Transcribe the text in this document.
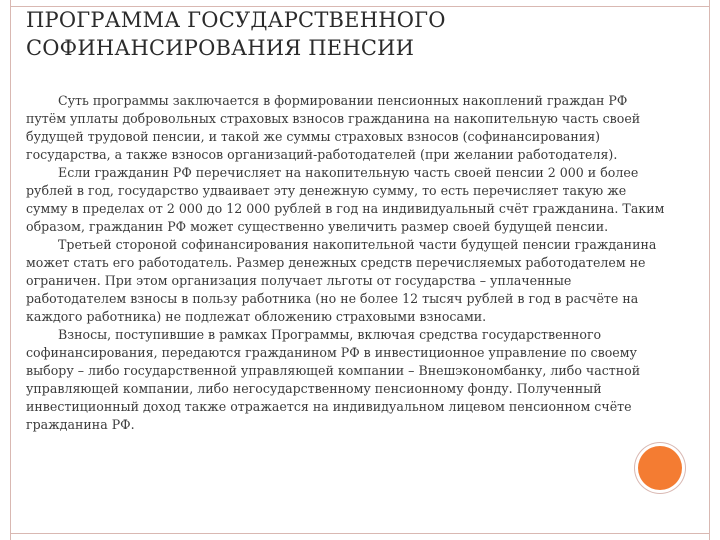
ПРОГРАММА ГОСУДАРСТВЕННОГО
СОФИНАНСИРОВАНИЯ ПЕНСИИ

Суть программы заключается в формировании пенсионных накоплений граждан РФ путём уплаты добровольных страховых взносов гражданина на накопительную часть своей будущей трудовой пенсии, и такой же суммы страховых взносов (софинансирования) государства, а также взносов организаций-работодателей (при желании работодателя).

Если гражданин РФ перечисляет на накопительную часть своей пенсии 2 000 и более рублей в год, государство удваивает эту денежную сумму, то есть перечисляет такую же сумму в пределах от 2 000 до 12 000 рублей в год на индивидуальный счёт гражданина. Таким образом, гражданин РФ может существенно увеличить размер своей будущей пенсии.

Третьей стороной софинансирования накопительной части будущей пенсии гражданина может стать его работодатель. Размер денежных средств перечисляемых работодателем не ограничен. При этом организация получает льготы от государства – уплаченные работодателем взносы в пользу работника (но не более 12 тысяч рублей в год в расчёте на каждого работника) не подлежат обложению страховыми взносами.

Взносы, поступившие в рамках Программы, включая средства государственного софинансирования, передаются гражданином РФ в инвестиционное управление по своему выбору – либо государственной управляющей компании – Внешэкономбанку, либо частной управляющей компании, либо негосударственному пенсионному фонду. Полученный инвестиционный доход также отражается на индивидуальном лицевом пенсионном счёте гражданина РФ.
